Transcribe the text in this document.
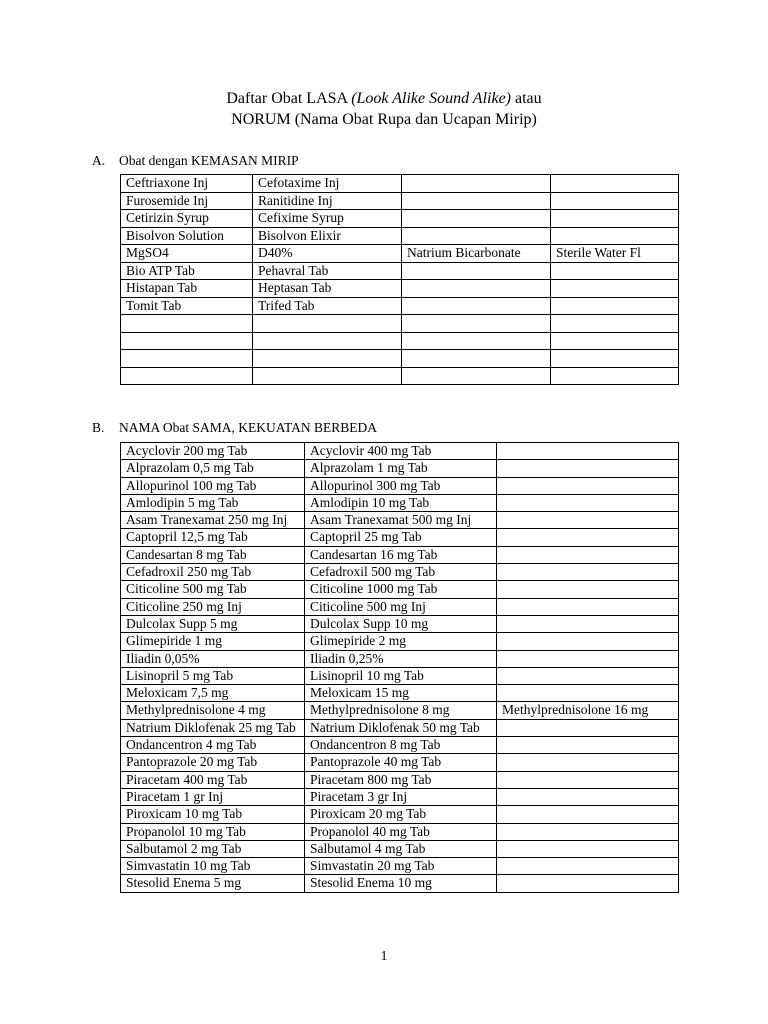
Daftar Obat LASA (Look Alike Sound Alike) atau
NORUM (Nama Obat Rupa dan Ucapan Mirip)
A. Obat dengan KEMASAN MIRIP
Ceftriaxone Inj	Cefotaxime Inj		
Furosemide Inj	Ranitidine Inj		
Cetirizin Syrup	Cefixime Syrup		
Bisolvon Solution	Bisolvon Elixir		
MgSO4	D40%	Natrium Bicarbonate	Sterile Water Fl
Bio ATP Tab	Pehavral Tab		
Histapan Tab	Heptasan Tab		
Tomit Tab	Trifed Tab		

B. NAMA Obat SAMA, KEKUATAN BERBEDA
Acyclovir 200 mg Tab	Acyclovir 400 mg Tab	
Alprazolam 0,5 mg Tab	Alprazolam 1 mg Tab	
Allopurinol 100 mg Tab	Allopurinol 300 mg Tab	
Amlodipin 5 mg Tab	Amlodipin 10 mg Tab	
Asam Tranexamat 250 mg Inj	Asam Tranexamat 500 mg Inj	
Captopril 12,5 mg Tab	Captopril 25 mg Tab	
Candesartan 8 mg Tab	Candesartan 16 mg Tab	
Cefadroxil 250 mg Tab	Cefadroxil 500 mg Tab	
Citicoline 500 mg Tab	Citicoline 1000 mg Tab	
Citicoline 250 mg Inj	Citicoline 500 mg Inj	
Dulcolax Supp 5 mg	Dulcolax Supp 10 mg	
Glimepiride 1 mg	Glimepiride 2 mg	
Iliadin 0,05%	Iliadin 0,25%	
Lisinopril 5 mg Tab	Lisinopril 10 mg Tab	
Meloxicam 7,5 mg	Meloxicam 15 mg	
Methylprednisolone 4 mg	Methylprednisolone 8 mg	Methylprednisolone 16 mg
Natrium Diklofenak 25 mg Tab	Natrium Diklofenak 50 mg Tab	
Ondancentron 4 mg Tab	Ondancentron 8 mg Tab	
Pantoprazole 20 mg Tab	Pantoprazole 40 mg Tab	
Piracetam 400 mg Tab	Piracetam 800 mg Tab	
Piracetam 1 gr Inj	Piracetam 3 gr Inj	
Piroxicam 10 mg Tab	Piroxicam 20 mg Tab	
Propanolol 10 mg Tab	Propanolol 40 mg Tab	
Salbutamol 2 mg Tab	Salbutamol 4 mg Tab	
Simvastatin 10 mg Tab	Simvastatin 20 mg Tab	
Stesolid Enema 5 mg	Stesolid Enema 10 mg	
1
